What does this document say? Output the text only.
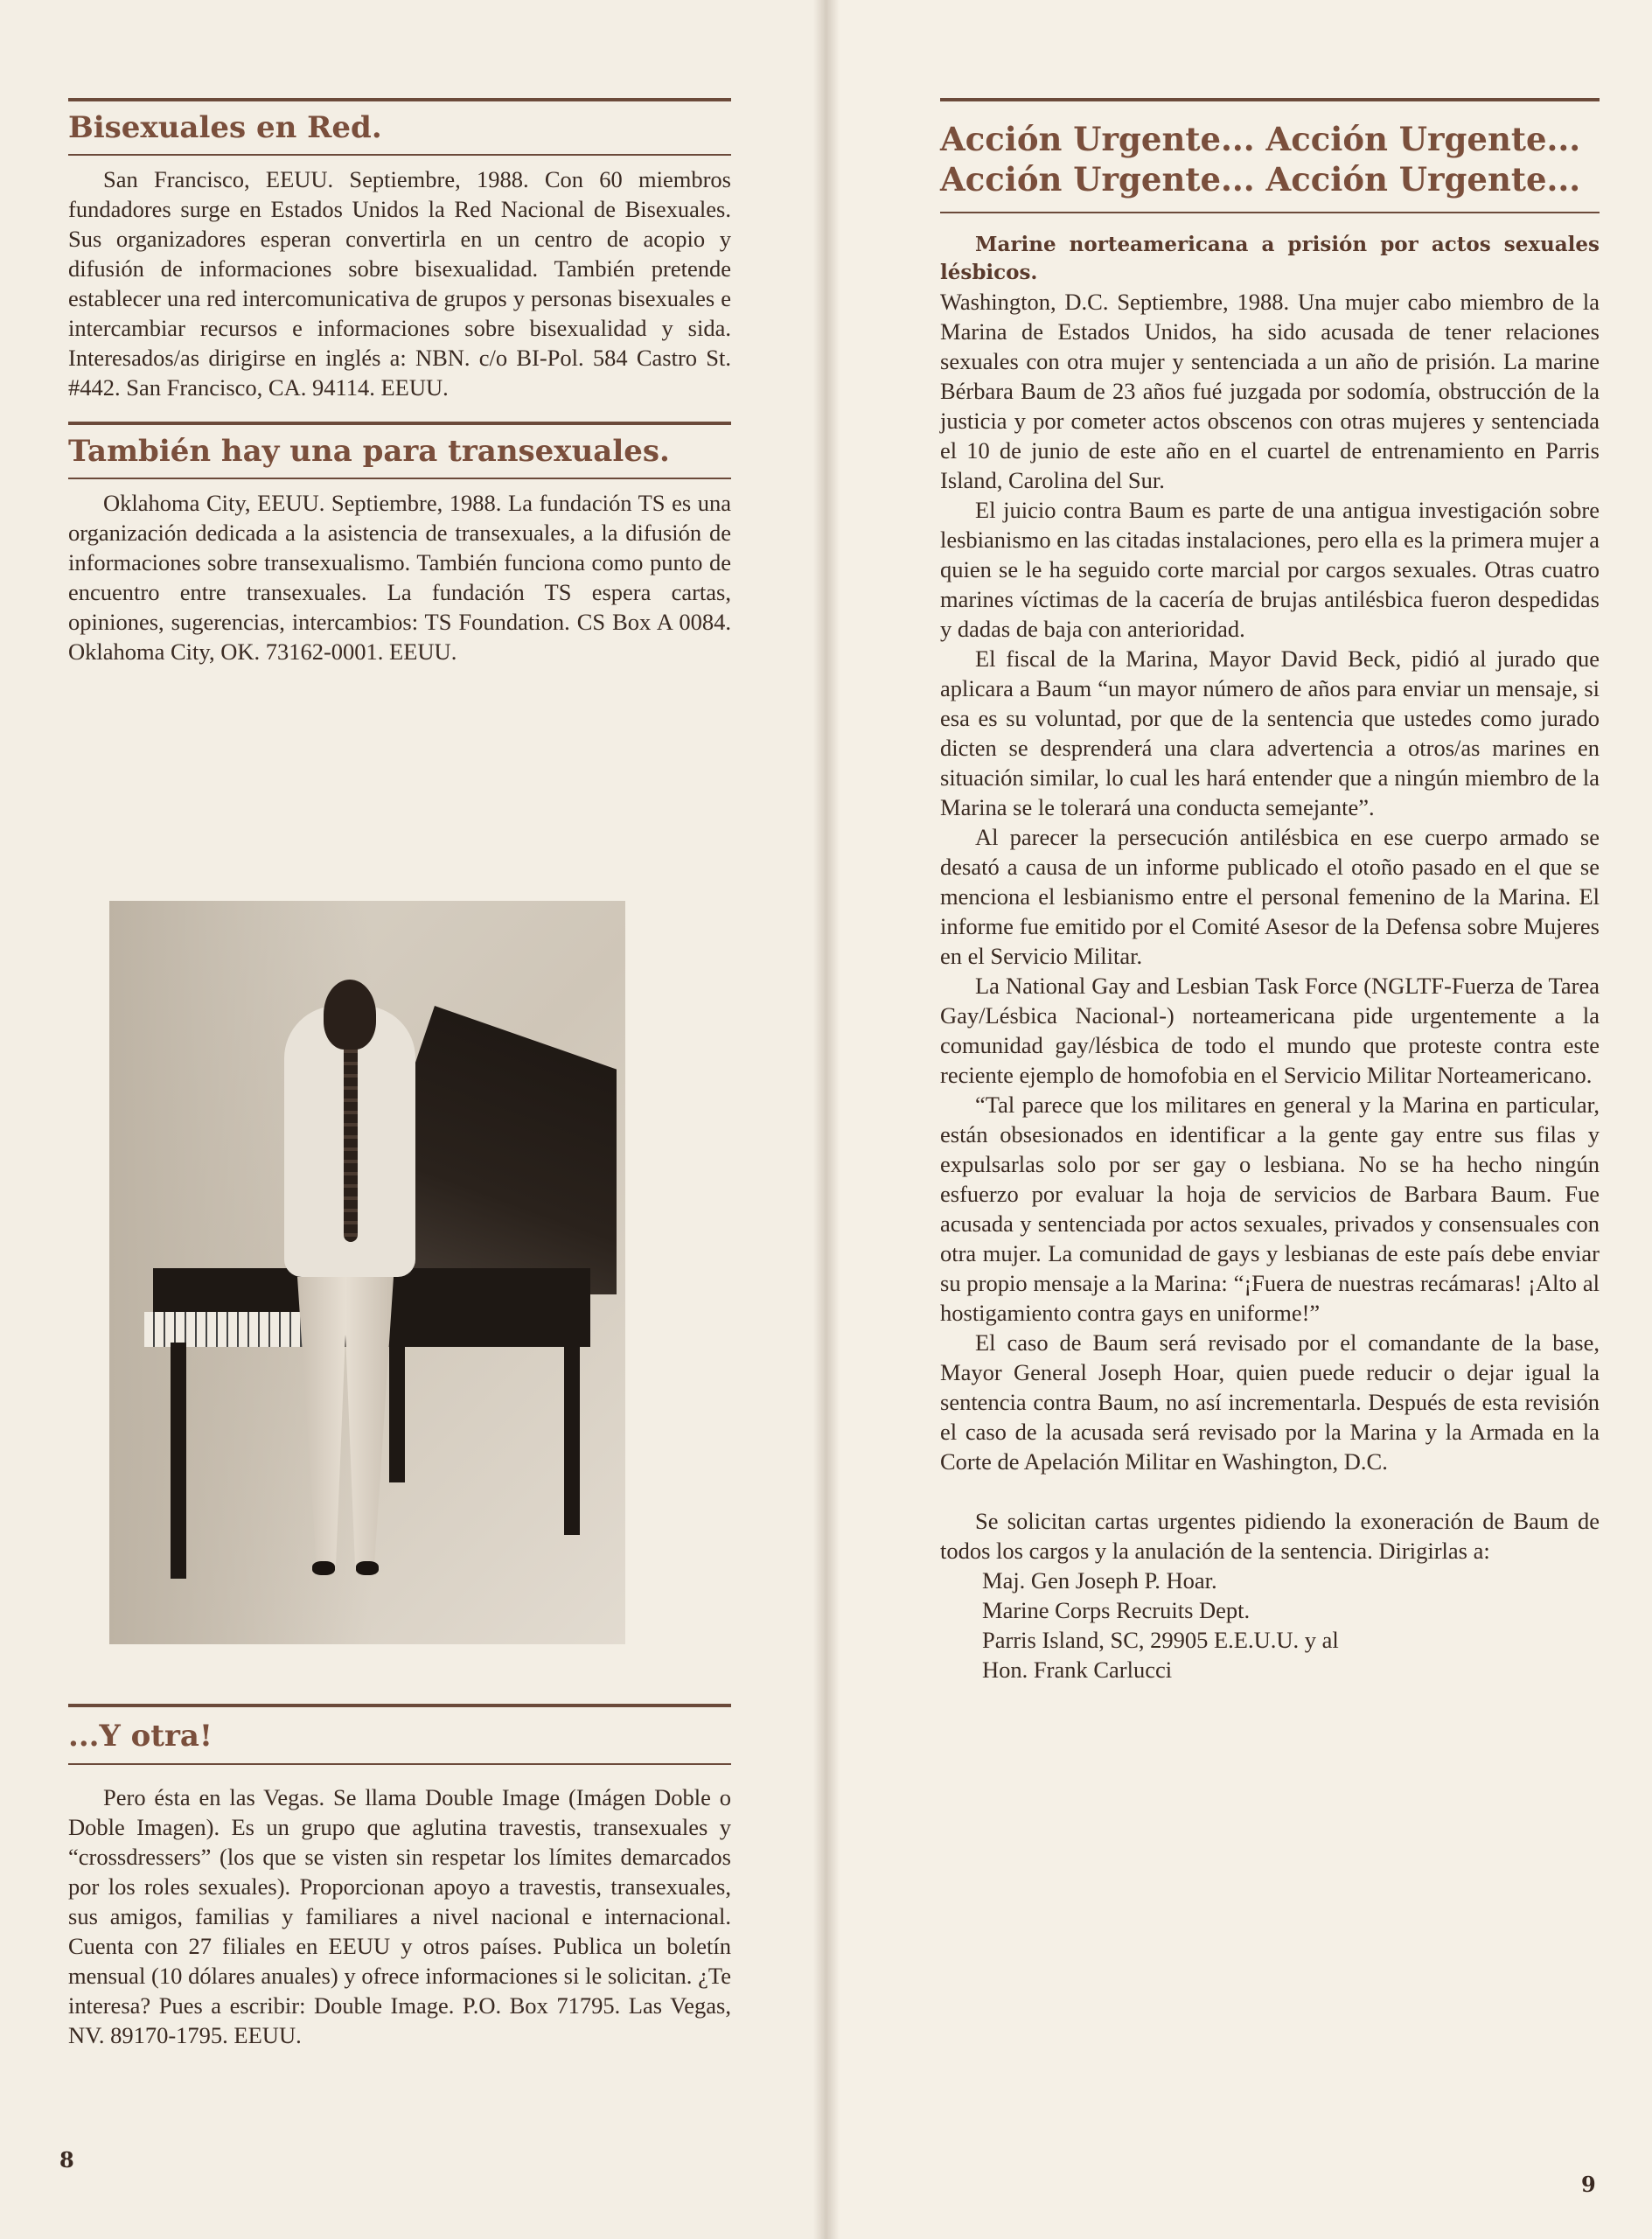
Bisexuales en Red.

San Francisco, EEUU. Septiembre, 1988. Con 60 miembros fundadores surge en Estados Unidos la Red Nacional de Bisexuales. Sus organizadores esperan convertirla en un centro de acopio y difusión de informaciones sobre bisexualidad. También pretende establecer una red intercomunicativa de grupos y personas bisexuales e intercambiar recursos e informaciones sobre bisexualidad y sida. Interesados/as dirigirse en inglés a: NBN. c/o BI-Pol. 584 Castro St. #442. San Francisco, CA. 94114. EEUU.

También hay una para transexuales.

Oklahoma City, EEUU. Septiembre, 1988. La fundación TS es una organización dedicada a la asistencia de transexuales, a la difusión de informaciones sobre transexualismo. También funciona como punto de encuentro entre transexuales. La fundación TS espera cartas, opiniones, sugerencias, intercambios: TS Foundation. CS Box A 0084. Oklahoma City, OK. 73162-0001. EEUU.

...Y otra!

Pero ésta en las Vegas. Se llama Double Image (Imágen Doble o Doble Imagen). Es un grupo que aglutina travestis, transexuales y “crossdressers” (los que se visten sin respetar los límites demarcados por los roles sexuales). Proporcionan apoyo a travestis, transexuales, sus amigos, familias y familiares a nivel nacional e internacional. Cuenta con 27 filiales en EEUU y otros países. Publica un boletín mensual (10 dólares anuales) y ofrece informaciones si le solicitan. ¿Te interesa? Pues a escribir: Double Image. P.O. Box 71795. Las Vegas, NV. 89170-1795. EEUU.

8
Acción Urgente... Acción Urgente...
Acción Urgente... Acción Urgente...

Marine norteamericana a prisión por actos sexuales lésbicos.

Washington, D.C. Septiembre, 1988. Una mujer cabo miembro de la Marina de Estados Unidos, ha sido acusada de tener relaciones sexuales con otra mujer y sentenciada a un año de prisión. La marine Bérbara Baum de 23 años fué juzgada por sodomía, obstrucción de la justicia y por cometer actos obscenos con otras mujeres y sentenciada el 10 de junio de este año en el cuartel de entrenamiento en Parris Island, Carolina del Sur.

El juicio contra Baum es parte de una antigua investigación sobre lesbianismo en las citadas instalaciones, pero ella es la primera mujer a quien se le ha seguido corte marcial por cargos sexuales. Otras cuatro marines víctimas de la cacería de brujas antilésbica fueron despedidas y dadas de baja con anterioridad.

El fiscal de la Marina, Mayor David Beck, pidió al jurado que aplicara a Baum “un mayor número de años para enviar un mensaje, si esa es su voluntad, por que de la sentencia que ustedes como jurado dicten se desprenderá una clara advertencia a otros/as marines en situación similar, lo cual les hará entender que a ningún miembro de la Marina se le tolerará una conducta semejante”.

Al parecer la persecución antilésbica en ese cuerpo armado se desató a causa de un informe publicado el otoño pasado en el que se menciona el lesbianismo entre el personal femenino de la Marina. El informe fue emitido por el Comité Asesor de la Defensa sobre Mujeres en el Servicio Militar.

La National Gay and Lesbian Task Force (NGLTF-Fuerza de Tarea Gay/Lésbica Nacional-) norteamericana pide urgentemente a la comunidad gay/lésbica de todo el mundo que proteste contra este reciente ejemplo de homofobia en el Servicio Militar Norteamericano.

“Tal parece que los militares en general y la Marina en particular, están obsesionados en identificar a la gente gay entre sus filas y expulsarlas solo por ser gay o lesbiana. No se ha hecho ningún esfuerzo por evaluar la hoja de servicios de Barbara Baum. Fue acusada y sentenciada por actos sexuales, privados y consensuales con otra mujer. La comunidad de gays y lesbianas de este país debe enviar su propio mensaje a la Marina: “¡Fuera de nuestras recámaras! ¡Alto al hostigamiento contra gays en uniforme!”

El caso de Baum será revisado por el comandante de la base, Mayor General Joseph Hoar, quien puede reducir o dejar igual la sentencia contra Baum, no así incrementarla. Después de esta revisión el caso de la acusada será revisado por la Marina y la Armada en la Corte de Apelación Militar en Washington, D.C.

Se solicitan cartas urgentes pidiendo la exoneración de Baum de todos los cargos y la anulación de la sentencia. Dirigirlas a:

Maj. Gen Joseph P. Hoar.

Marine Corps Recruits Dept.

Parris Island, SC, 29905 E.E.U.U. y al

Hon. Frank Carlucci

9
